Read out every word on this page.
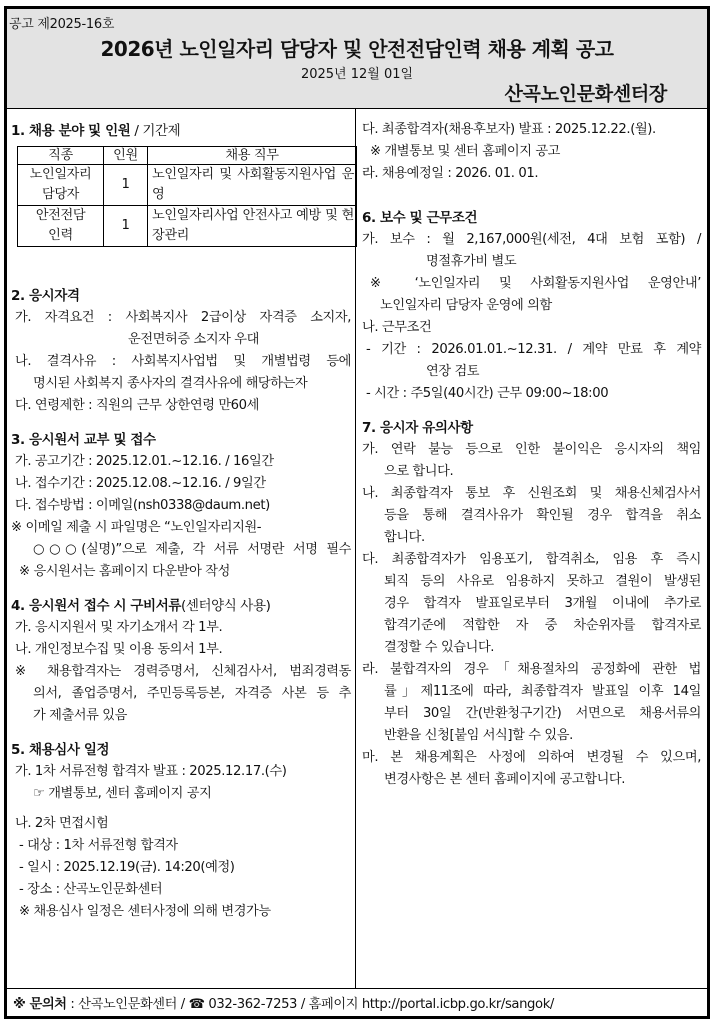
공고 제2025-16호
2026년 노인일자리 담당자 및 안전전담인력 채용 계획 공고
2025년 12월 01일
산곡노인문화센터장
1. 채용 분야 및 인원 / 기간제
직종	인원	채용 직무

노인일자리
담당자	1	노인일자리 및 사회활동지원사업 운영

안전전담
인력	1	노인일자리사업 안전사고 예방 및 현장관리
2. 응시자격
가. 자격요건 : 사회복지사 2급이상 자격증 소지자,
운전면허증 소지자 우대
나. 결격사유 : 사회복지사업법 및 개별법령 등에
명시된 사회복지 종사자의 결격사유에 해당하는자
다. 연령제한 : 직원의 근무 상한연령 만60세
3. 응시원서 교부 및 접수
가. 공고기간 : 2025.12.01.~12.16. / 16일간
나. 접수기간 : 2025.12.08.~12.16. / 9일간
다. 접수방법 : 이메일(nsh0338@daum.net)
※ 이메일 제출 시 파일명은 “노인일자리지원-
○○○(실명)”으로 제출, 각 서류 서명란 서명 필수
※ 응시원서는 홈페이지 다운받아 작성
4. 응시원서 접수 시 구비서류(센터양식 사용)
가. 응시지원서 및 자기소개서 각 1부.
나. 개인정보수집 및 이용 동의서 1부.
※ 채용합격자는 경력증명서, 신체검사서, 범죄경력동
의서, 졸업증명서, 주민등록등본, 자격증 사본 등 추
가 제출서류 있음
5. 채용심사 일정
가. 1차 서류전형 합격자 발표 : 2025.12.17.(수)
☞ 개별통보, 센터 홈페이지 공지
나. 2차 면접시험
- 대상 : 1차 서류전형 합격자
- 일시 : 2025.12.19(금). 14:20(예정)
- 장소 : 산곡노인문화센터
※ 채용심사 일정은 센터사정에 의해 변경가능
다. 최종합격자(채용후보자) 발표 : 2025.12.22.(월).
※ 개별통보 및 센터 홈페이지 공고
라. 채용예정일 : 2026. 01. 01.
6. 보수 및 근무조건
가. 보수 : 월 2,167,000원(세전, 4대 보험 포함) /
명절휴가비 별도
※ ‘노인일자리 및 사회활동지원사업 운영안내’
노인일자리 담당자 운영에 의함
나. 근무조건
- 기간 : 2026.01.01.~12.31. / 계약 만료 후 계약
연장 검토
- 시간 : 주5일(40시간) 근무 09:00~18:00
7. 응시자 유의사항
가. 연락 불능 등으로 인한 불이익은 응시자의 책임
으로 합니다.
나. 최종합격자 통보 후 신원조회 및 채용신체검사서
등을 통해 결격사유가 확인될 경우 합격을 취소
합니다.
다. 최종합격자가 임용포기, 합격취소, 임용 후 즉시
퇴직 등의 사유로 임용하지 못하고 결원이 발생된
경우 합격자 발표일로부터 3개월 이내에 추가로
합격기준에 적합한 자 중 차순위자를 합격자로
결정할 수 있습니다.
라. 불합격자의 경우「채용절차의 공정화에 관한 법
률」제11조에 따라, 최종합격자 발표일 이후 14일
부터 30일 간(반환청구기간) 서면으로 채용서류의
반환을 신청[붙임 서식]할 수 있음.
마. 본 채용계획은 사정에 의하여 변경될 수 있으며,
변경사항은 본 센터 홈페이지에 공고합니다.
※ 문의처 : 산곡노인문화센터 / ☎ 032-362-7253 / 홈페이지 http://portal.icbp.go.kr/sangok/
